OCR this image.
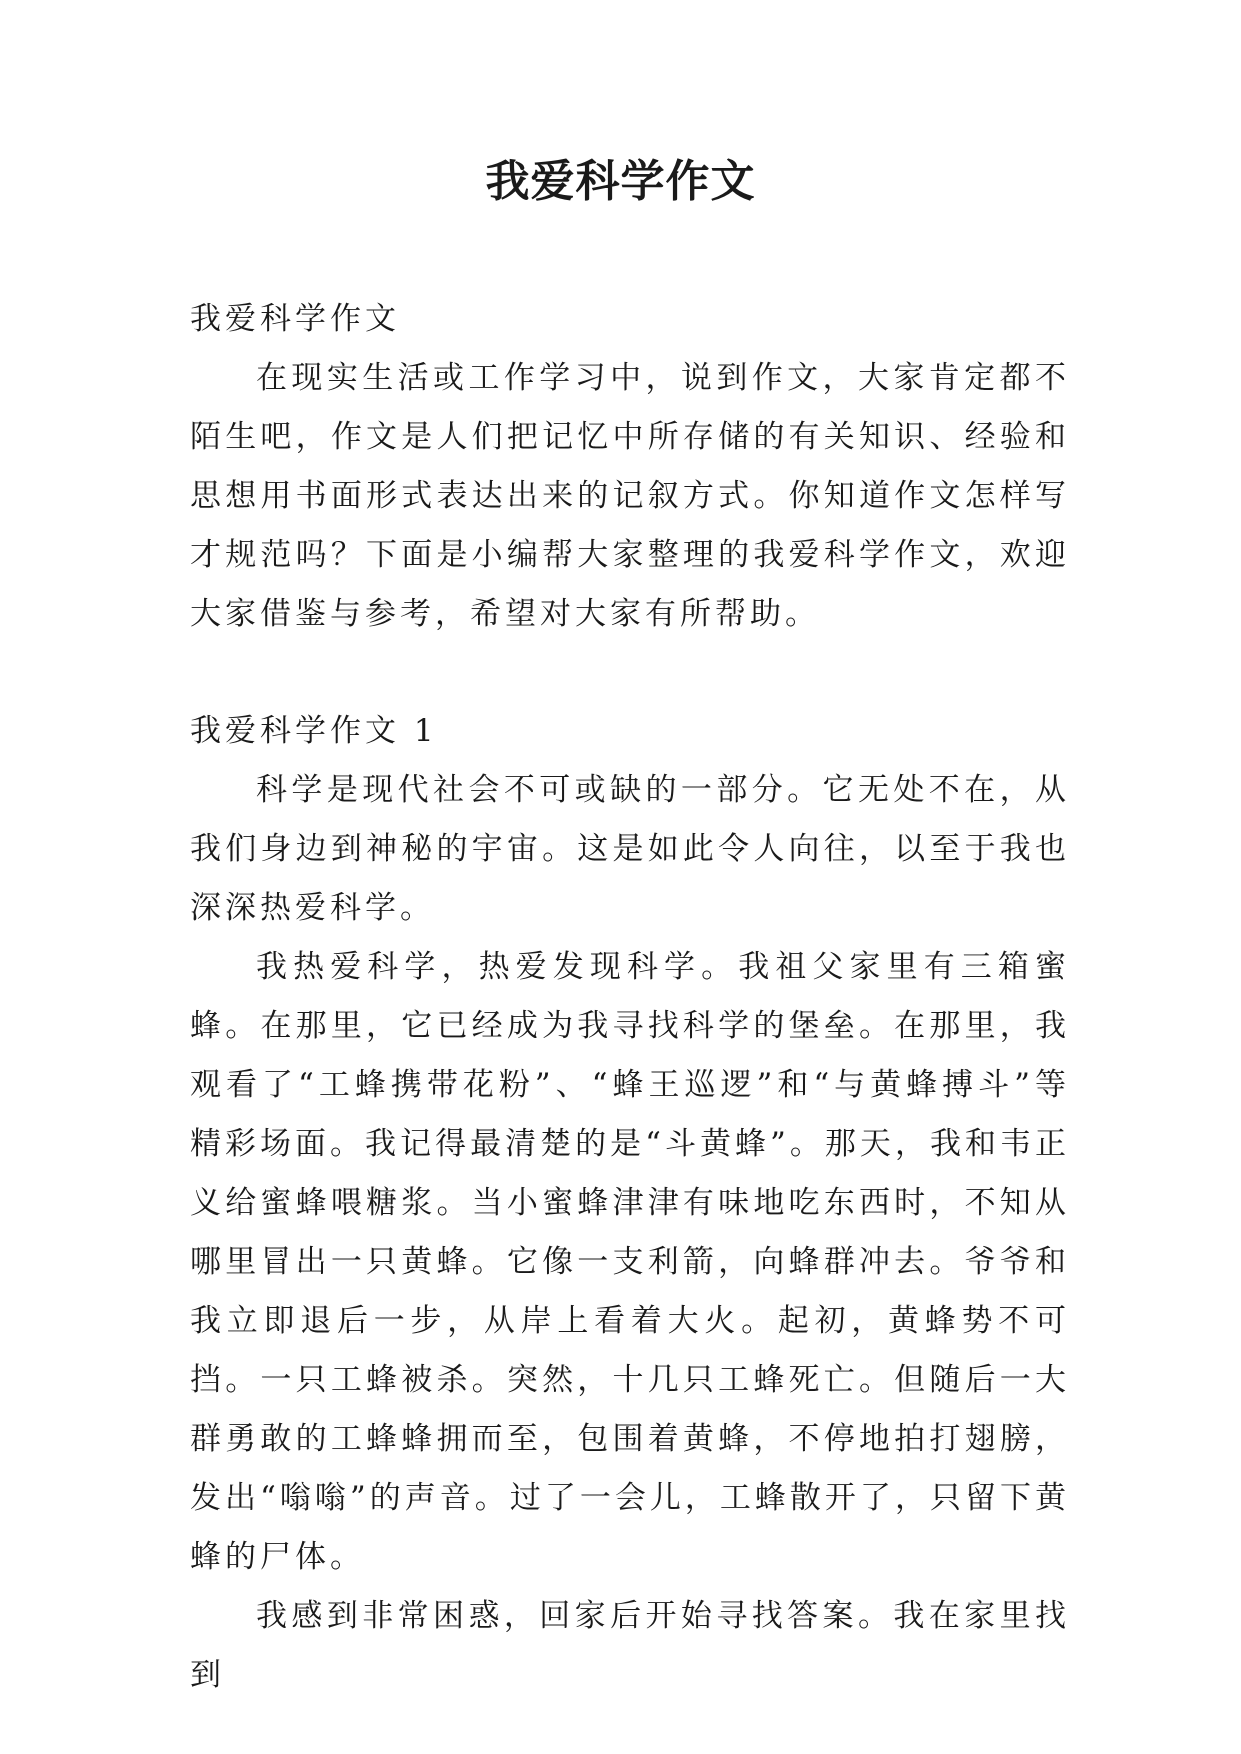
我爱科学作文

我爱科学作文

在现实生活或工作学习中，说到作文，大家肯定都不陌生吧，作文是人们把记忆中所存储的有关知识、经验和思想用书面形式表达出来的记叙方式。你知道作文怎样写才规范吗？下面是小编帮大家整理的我爱科学作文，欢迎大家借鉴与参考，希望对大家有所帮助。

我爱科学作文 1

科学是现代社会不可或缺的一部分。它无处不在，从我们身边到神秘的宇宙。这是如此令人向往，以至于我也深深热爱科学。

我热爱科学，热爱发现科学。我祖父家里有三箱蜜蜂。在那里，它已经成为我寻找科学的堡垒。在那里，我观看了“工蜂携带花粉”、“蜂王巡逻”和“与黄蜂搏斗”等精彩场面。我记得最清楚的是“斗黄蜂”。那天，我和韦正义给蜜蜂喂糖浆。当小蜜蜂津津有味地吃东西时，不知从哪里冒出一只黄蜂。它像一支利箭，向蜂群冲去。爷爷和我立即退后一步，从岸上看着大火。起初，黄蜂势不可挡。一只工蜂被杀。突然，十几只工蜂死亡。但随后一大群勇敢的工蜂蜂拥而至，包围着黄蜂，不停地拍打翅膀，发出“嗡嗡”的声音。过了一会儿，工蜂散开了，只留下黄蜂的尸体。

我感到非常困惑，回家后开始寻找答案。我在家里找到
